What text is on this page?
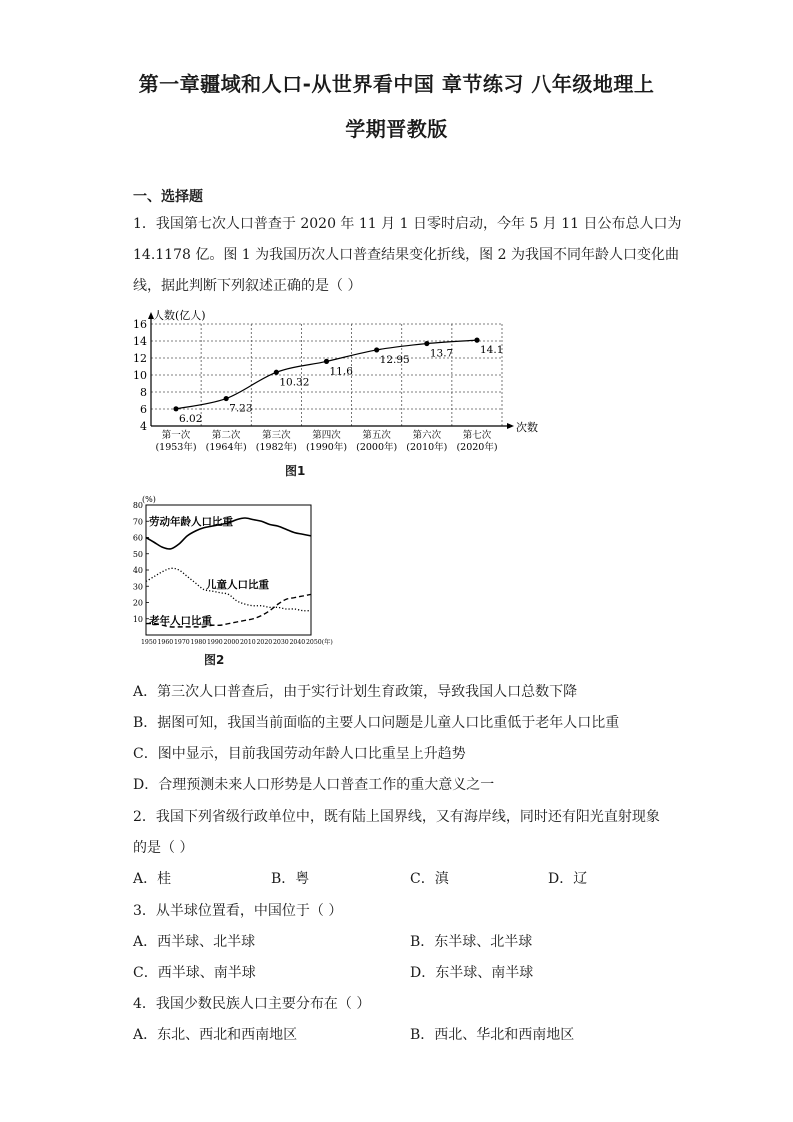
第一章疆域和人口-从世界看中国 章节练习 八年级地理上
学期晋教版
一、选择题
1．我国第七次人口普查于 2020 年 11 月 1 日零时启动，今年 5 月 11 日公布总人口为
14.1178 亿。图 1 为我国历次人口普查结果变化折线，图 2 为我国不同年龄人口变化曲
线，据此判断下列叙述正确的是（ ）
4
6
8
10
12
14
16
人数(亿人)
次数
第一次
(1953年)
第二次
(1964年)
第三次
(1982年)
第四次
(1990年)
第五次
(2000年)
第六次
(2010年)
第七次
(2020年)
6.02
7.23
10.32
11.6
12.95
13.7	14.1
图1
(%)
10
20
30
40
50
60
70
80
1950 1960 1970 1980 1990 2000 2010 2020 2030 2040 2050(年)
劳动年龄人口比重
儿童人口比重
老年人口比重
图2
A．第三次人口普查后，由于实行计划生育政策，导致我国人口总数下降
B．据图可知，我国当前面临的主要人口问题是儿童人口比重低于老年人口比重
C．图中显示，目前我国劳动年龄人口比重呈上升趋势
D．合理预测未来人口形势是人口普查工作的重大意义之一
2．我国下列省级行政单位中，既有陆上国界线，又有海岸线，同时还有阳光直射现象
的是（ ）
A．桂	B．粤	C．滇	D．辽
3．从半球位置看，中国位于（ ）
A．西半球、北半球	B．东半球、北半球
C．西半球、南半球	D．东半球、南半球
4．我国少数民族人口主要分布在（ ）
A．东北、西北和西南地区	B．西北、华北和西南地区
